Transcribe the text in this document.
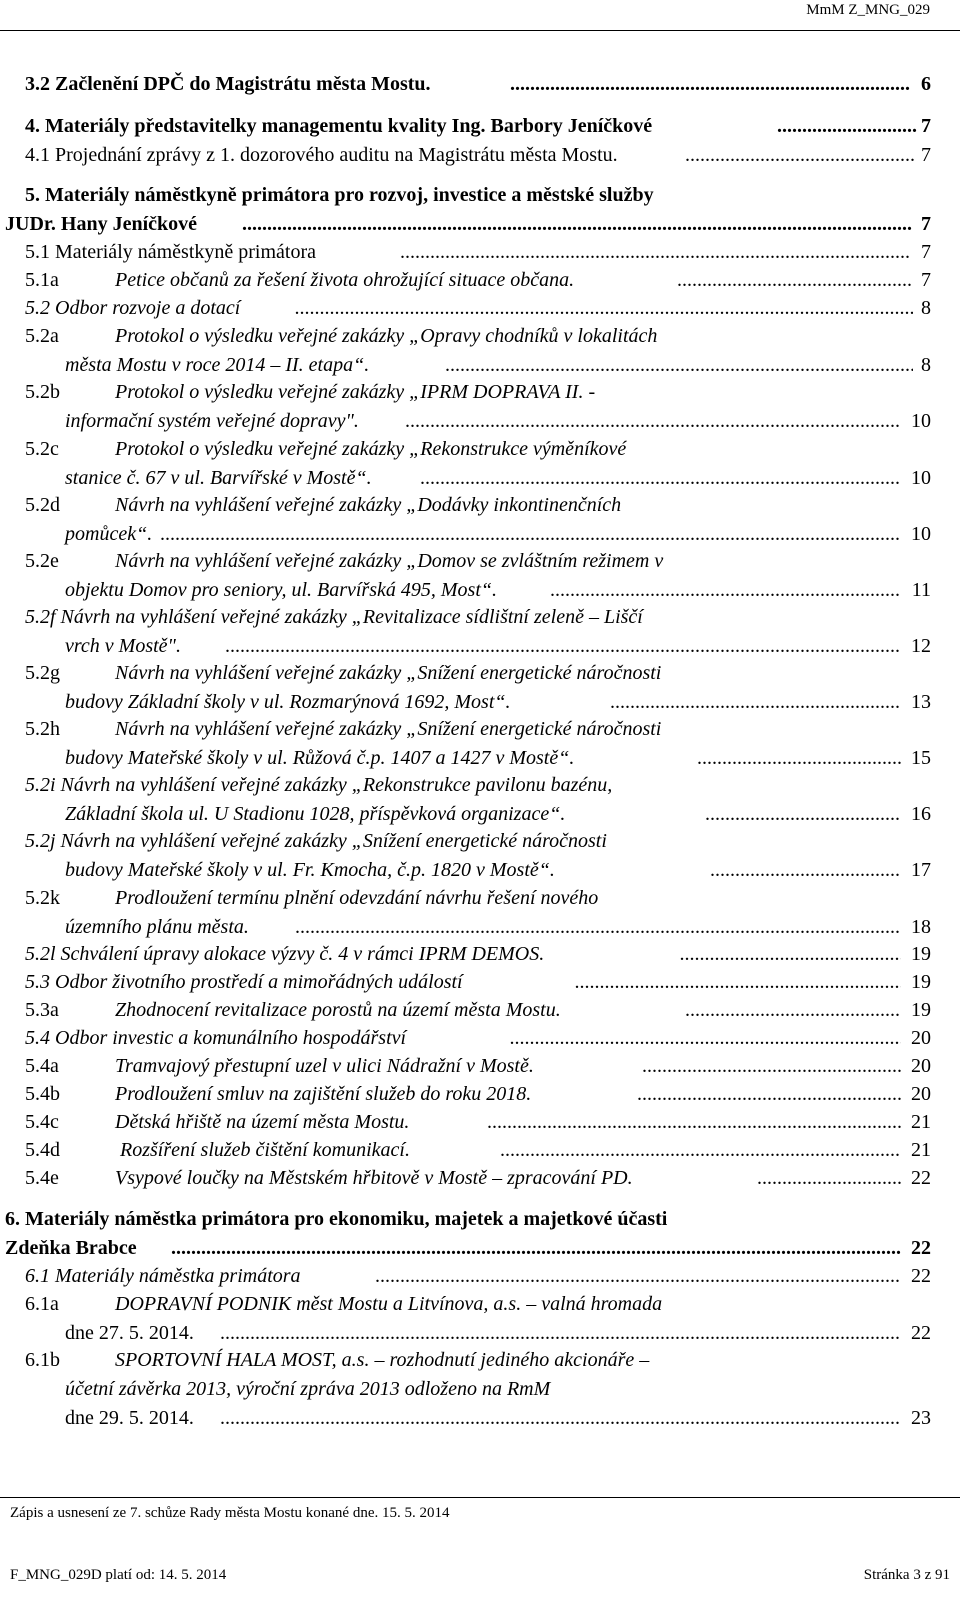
MmM Z_MNG_029
3.2 Začlenění DPČ do Magistrátu města Mostu. .....	6
4. Materiály představitelky managementu kvality Ing. Barbory Jeníčkové .....	7
4.1 Projednání zprávy z 1. dozorového auditu na Magistrátu města Mostu. .....	7
5. Materiály náměstkyně primátora pro rozvoj, investice a městské služby
JUDr. Hany Jeníčkové .....	7
5.1 Materiály náměstkyně primátora .....	7
5.1a	Petice občanů za řešení života ohrožující situace občana. .....	7
5.2 Odbor rozvoje a dotací .....	8
5.2a	Protokol o výsledku veřejné zakázky „Opravy chodníků v lokalitách
města Mostu v roce 2014 – II. etapa“. .....	8
5.2b	Protokol o výsledku veřejné zakázky „IPRM DOPRAVA II. -
informační systém veřejné dopravy". .....	10
5.2c	Protokol o výsledku veřejné zakázky „Rekonstrukce výměníkové
stanice č. 67 v ul. Barvířské v Mostě“. .....	10
5.2d	Návrh na vyhlášení veřejné zakázky „Dodávky inkontinenčních
pomůcek“. .....	10
5.2e	Návrh na vyhlášení veřejné zakázky „Domov se zvláštním režimem v
objektu Domov pro seniory, ul. Barvířská 495, Most“. .....	11
5.2f Návrh na vyhlášení veřejné zakázky „Revitalizace sídlištní zeleně – Liščí
vrch v Mostě". .....	12
5.2g	Návrh na vyhlášení veřejné zakázky „Snížení energetické náročnosti
budovy Základní školy v ul. Rozmarýnová 1692, Most“. .....	13
5.2h	Návrh na vyhlášení veřejné zakázky „Snížení energetické náročnosti
budovy Mateřské školy v ul. Růžová č.p. 1407 a 1427 v Mostě“. .....	15
5.2i Návrh na vyhlášení veřejné zakázky „Rekonstrukce pavilonu bazénu,
Základní škola ul. U Stadionu 1028, příspěvková organizace“. .....	16
5.2j Návrh na vyhlášení veřejné zakázky „Snížení energetické náročnosti
budovy Mateřské školy v ul. Fr. Kmocha, č.p. 1820 v Mostě“. .....	17
5.2k	Prodloužení termínu plnění odevzdání návrhu řešení nového
územního plánu města. .....	18
5.2l Schválení úpravy alokace výzvy č. 4 v rámci IPRM DEMOS. .....	19
5.3 Odbor životního prostředí a mimořádných událostí .....	19
5.3a	Zhodnocení revitalizace porostů na území města Mostu. .....	19
5.4 Odbor investic a komunálního hospodářství .....	20
5.4a	Tramvajový přestupní uzel v ulici Nádražní v Mostě. .....	20
5.4b	Prodloužení smluv na zajištění služeb do roku 2018. .....	20
5.4c	Dětská hřiště na území města Mostu. .....	21
5.4d	Rozšíření služeb čištění komunikací. .....	21
5.4e	Vsypové loučky na Městském hřbitově v Mostě – zpracování PD. .....	22
6. Materiály náměstka primátora pro ekonomiku, majetek a majetkové účasti
Zdeňka Brabce .....	22
6.1 Materiály náměstka primátora .....	22
6.1a	DOPRAVNÍ PODNIK měst Mostu a Litvínova, a.s. – valná hromada
dne 27. 5. 2014. .....	22
6.1b	SPORTOVNÍ HALA MOST, a.s. – rozhodnutí jediného akcionáře –
účetní závěrka 2013, výroční zpráva 2013 odloženo na RmM
dne 29. 5. 2014. .....	23
Zápis a usnesení ze 7. schůze Rady města Mostu konané dne. 15. 5. 2014
F_MNG_029D platí od: 14. 5. 2014	Stránka 3 z 91
